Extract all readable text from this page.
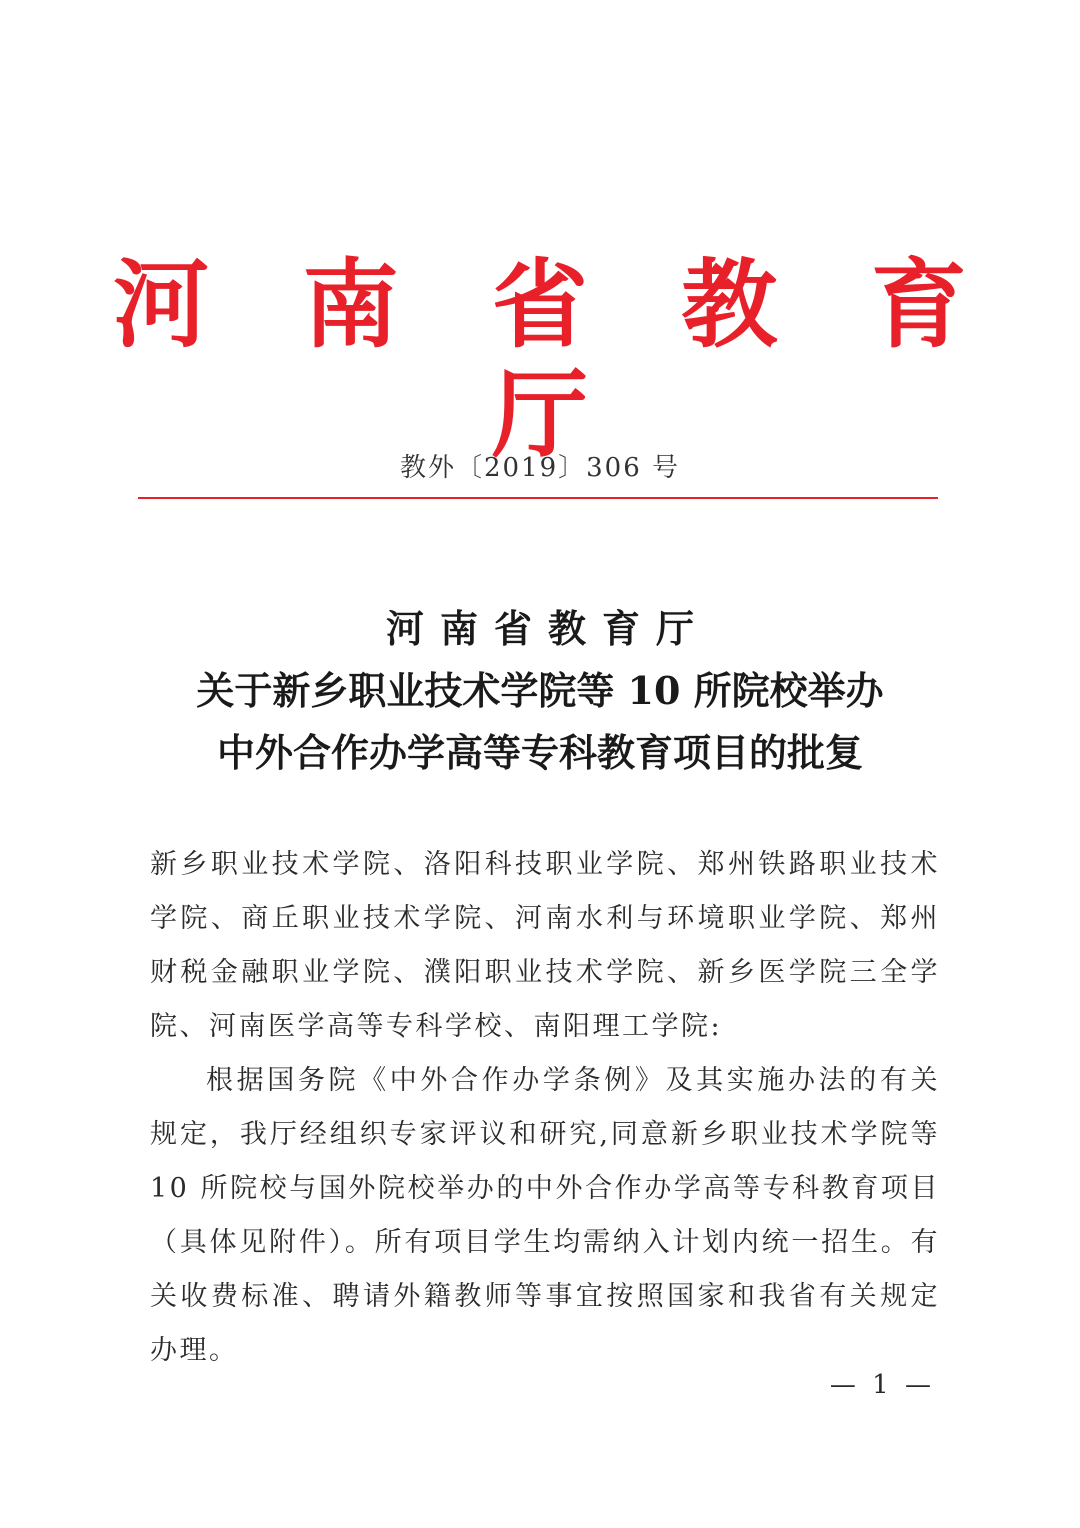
河 南 省 教 育 厅
教外〔2019〕306 号
河南省教育厅
关于新乡职业技术学院等 10 所院校举办
中外合作办学高等专科教育项目的批复

新乡职业技术学院、洛阳科技职业学院、郑州铁路职业技术学院、商丘职业技术学院、河南水利与环境职业学院、郑州财税金融职业学院、濮阳职业技术学院、新乡医学院三全学院、河南医学高等专科学校、南阳理工学院:

根据国务院《中外合作办学条例》及其实施办法的有关规定，我厅经组织专家评议和研究,同意新乡职业技术学院等 10 所院校与国外院校举办的中外合作办学高等专科教育项目（具体见附件）。所有项目学生均需纳入计划内统一招生。有关收费标准、聘请外籍教师等事宜按照国家和我省有关规定办理。

— 1 —
